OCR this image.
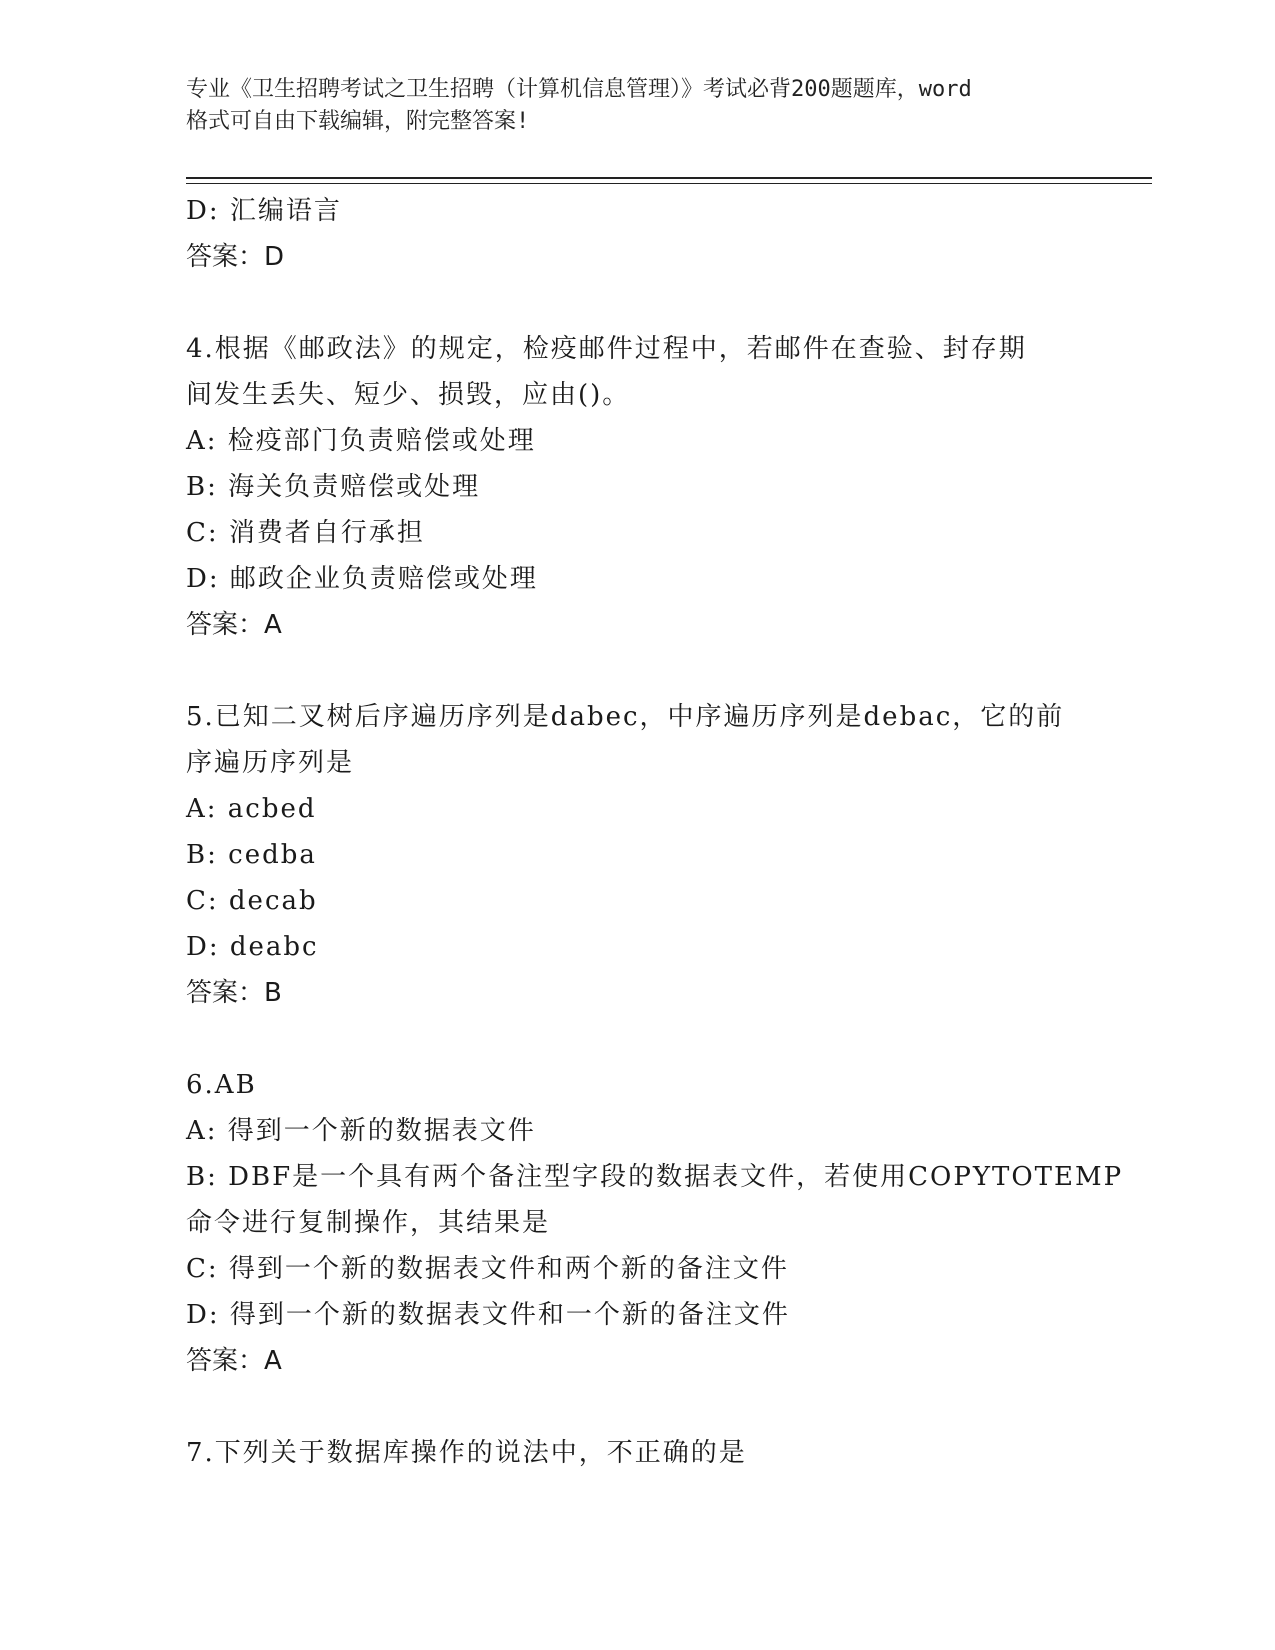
专业《卫生招聘考试之卫生招聘（计算机信息管理）》考试必背200题题库，word
格式可自由下载编辑，附完整答案!
D: 汇编语言
答案：D
4.根据《邮政法》的规定，检疫邮件过程中，若邮件在查验、封存期
间发生丢失、短少、损毁，应由()。
A: 检疫部门负责赔偿或处理
B: 海关负责赔偿或处理
C: 消费者自行承担
D: 邮政企业负责赔偿或处理
答案：A
5.已知二叉树后序遍历序列是dabec，中序遍历序列是debac，它的前
序遍历序列是
A: acbed
B: cedba
C: decab
D: deabc
答案：B
6.AB
A: 得到一个新的数据表文件
B: DBF是一个具有两个备注型字段的数据表文件，若使用COPYTOTEMP
命令进行复制操作，其结果是
C: 得到一个新的数据表文件和两个新的备注文件
D: 得到一个新的数据表文件和一个新的备注文件
答案：A
7.下列关于数据库操作的说法中，不正确的是
